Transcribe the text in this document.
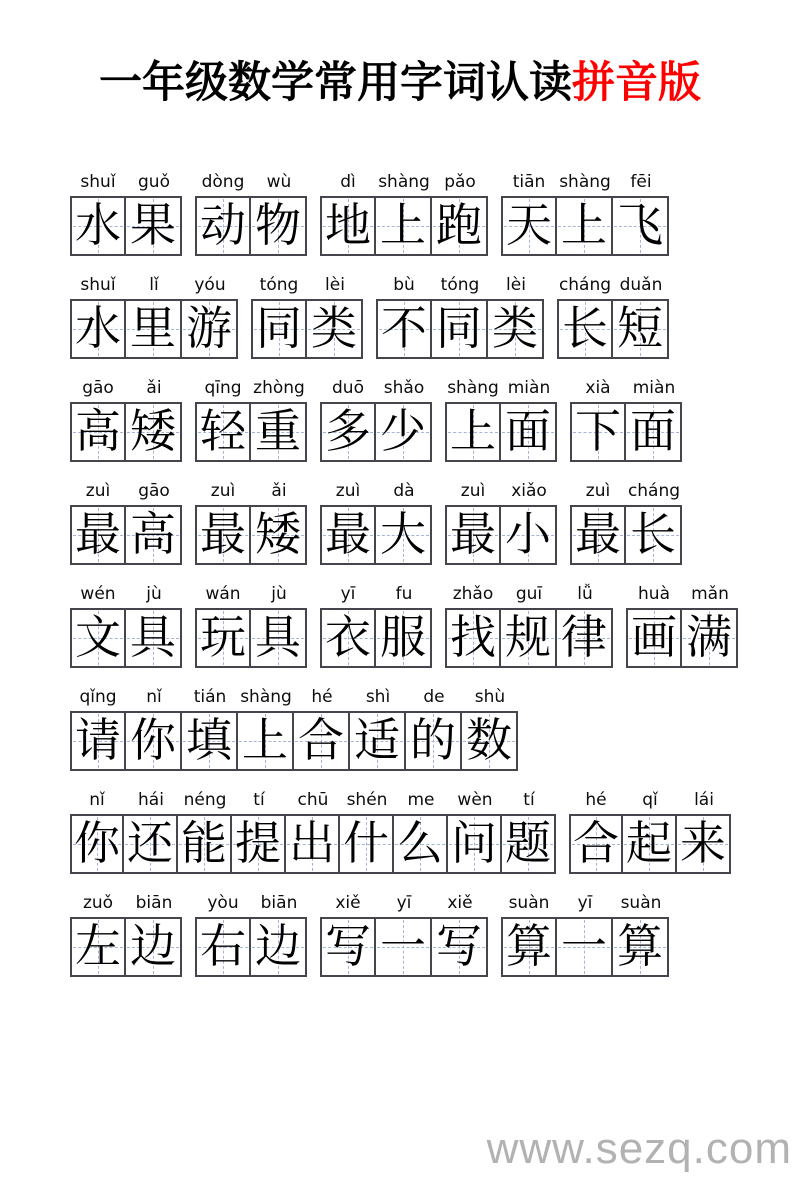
一年级数学常用字词认读拼音版
shuǐ
水
guǒ
果
dòng
动
wù
物
dì
地
shàng
上
pǎo
跑
tiān
天
shàng
上
fēi
飞
shuǐ
水
lǐ
里
yóu
游
tóng
同
lèi
类
bù
不
tóng
同
lèi
类
cháng
长
duǎn
短
gāo
高
ǎi
矮
qīng
轻
zhòng
重
duō
多
shǎo
少
shàng
上
miàn
面
xià
下
miàn
面
zuì
最
gāo
高
zuì
最
ǎi
矮
zuì
最
dà
大
zuì
最
xiǎo
小
zuì
最
cháng
长
wén
文
jù
具
wán
玩
jù
具
yī
衣
fu
服
zhǎo
找
guī
规
lǚ
律
huà
画
mǎn
满
qǐng
请
nǐ
你
tián
填
shàng
上
hé
合
shì
适
de
的
shù
数
nǐ
你
hái
还
néng
能
tí
提
chū
出
shén
什
me
么
wèn
问
tí
题
hé
合
qǐ
起
lái
来
zuǒ
左
biān
边
yòu
右
biān
边
xiě
写
yī
一
xiě
写
suàn
算
yī
一
suàn
算
www.sezq.com
